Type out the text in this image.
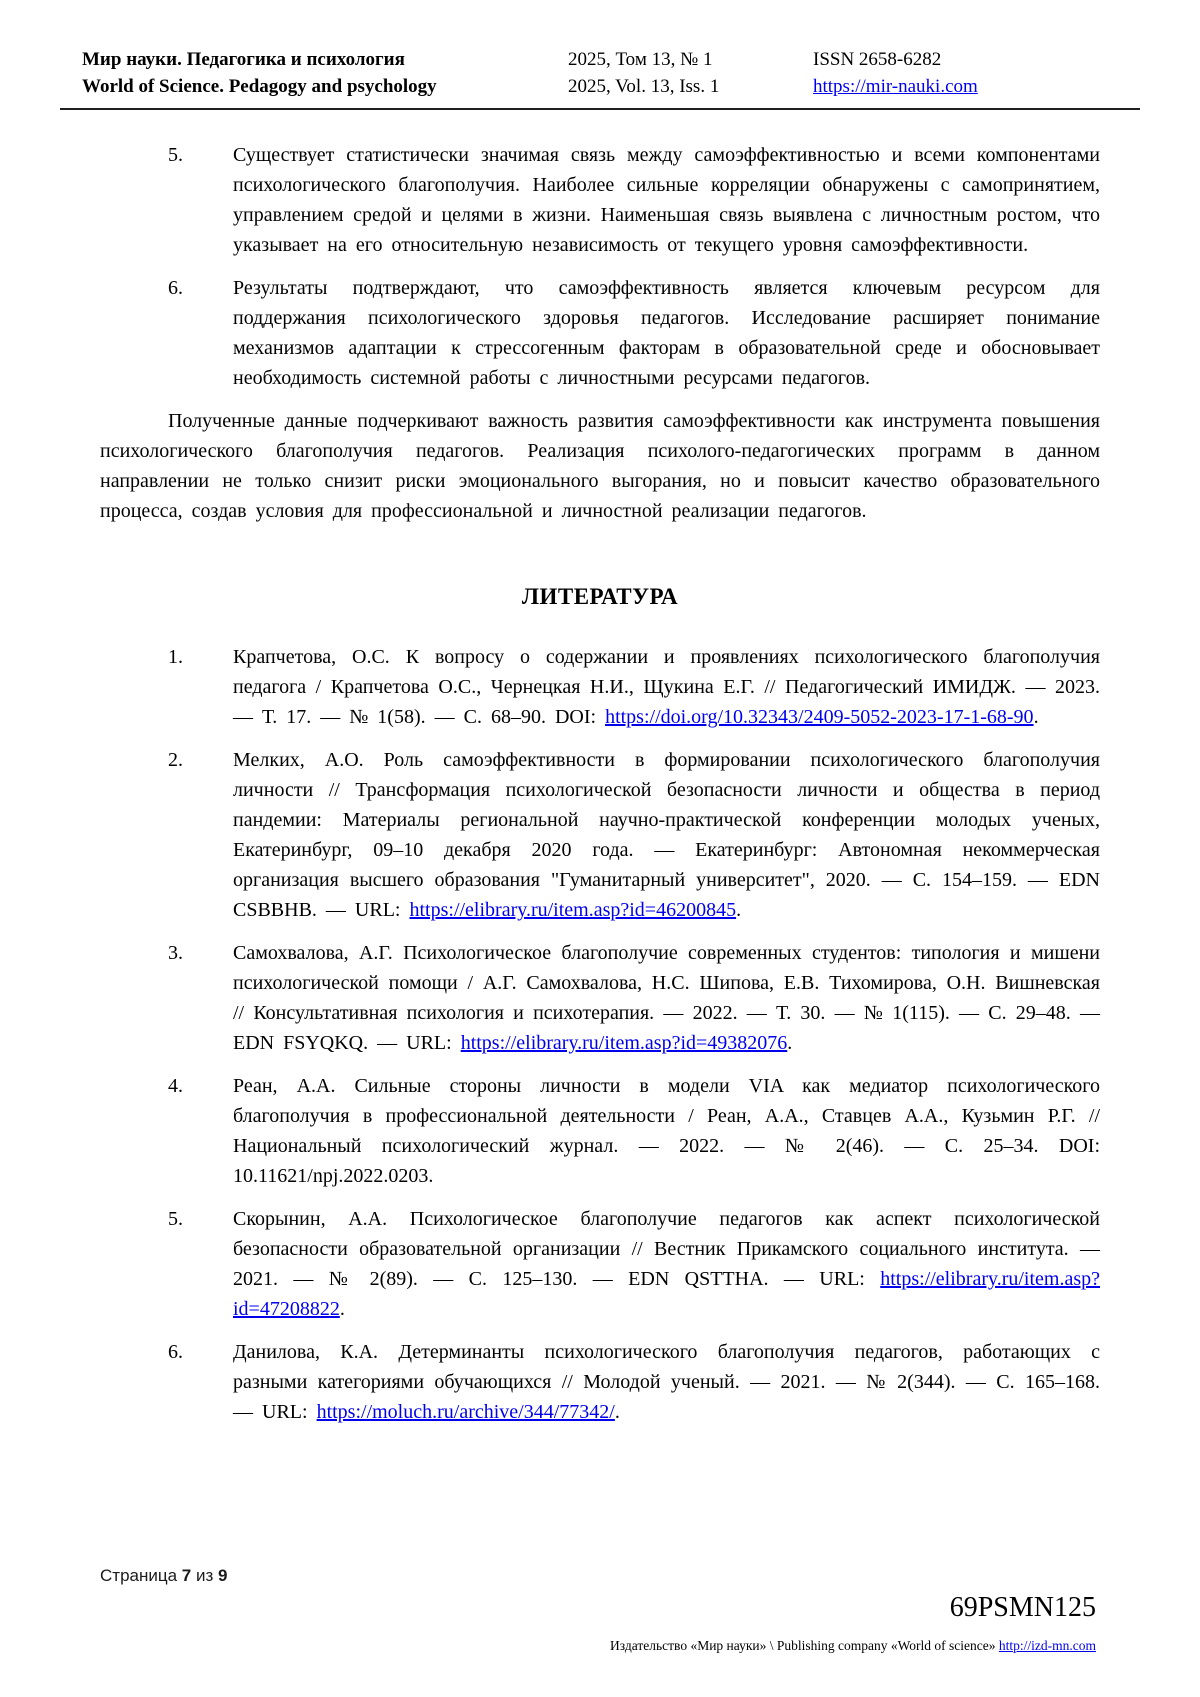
Мир науки. Педагогика и психология
World of Science. Pedagogy and psychology
2025, Том 13, № 1
2025, Vol. 13, Iss. 1
ISSN 2658-6282
https://mir-nauki.com
5.	Существует статистически значимая связь между самоэффективностью и всеми компонентами психологического благополучия. Наиболее сильные корреляции обнаружены с самопринятием, управлением средой и целями в жизни. Наименьшая связь выявлена с личностным ростом, что указывает на его относительную независимость от текущего уровня самоэффективности.
6.	Результаты подтверждают, что самоэффективность является ключевым ресурсом для поддержания психологического здоровья педагогов. Исследование расширяет понимание механизмов адаптации к стрессогенным факторам в образовательной среде и обосновывает необходимость системной работы с личностными ресурсами педагогов.

Полученные данные подчеркивают важность развития самоэффективности как инструмента повышения психологического благополучия педагогов. Реализация психолого-педагогических программ в данном направлении не только снизит риски эмоционального выгорания, но и повысит качество образовательного процесса, создав условия для профессиональной и личностной реализации педагогов.

ЛИТЕРАТУРА
1.	Крапчетова, О.С. К вопросу о содержании и проявлениях психологического благополучия педагога / Крапчетова О.С., Чернецкая Н.И., Щукина Е.Г. // Педагогический ИМИДЖ. — 2023. — Т. 17. — № 1(58). — С. 68–90. DOI: https://doi.org/10.32343/2409-5052-2023-17-1-68-90.
2.	Мелких, А.О. Роль самоэффективности в формировании психологического благополучия личности // Трансформация психологической безопасности личности и общества в период пандемии: Материалы региональной научно-практической конференции молодых ученых, Екатеринбург, 09–10 декабря 2020 года. — Екатеринбург: Автономная некоммерческая организация высшего образования "Гуманитарный университет", 2020. — С. 154–159. — EDN CSBBHB. — URL: https://elibrary.ru/item.asp?id=46200845.
3.	Самохвалова, А.Г. Психологическое благополучие современных студентов: типология и мишени психологической помощи / А.Г. Самохвалова, Н.С. Шипова, Е.В. Тихомирова, О.Н. Вишневская // Консультативная психология и психотерапия. — 2022. — Т. 30. — № 1(115). — С. 29–48. — EDN FSYQKQ. — URL: https://elibrary.ru/item.asp?id=49382076.
4.	Реан, А.А. Сильные стороны личности в модели VIA как медиатор психологического благополучия в профессиональной деятельности / Реан, А.А., Ставцев А.А., Кузьмин Р.Г. // Национальный психологический журнал. — 2022. — № 2(46). — С. 25–34. DOI: 10.11621/npj.2022.0203.
5.	Скорынин, А.А. Психологическое благополучие педагогов как аспект психологической безопасности образовательной организации // Вестник Прикамского социального института. — 2021. — № 2(89). — С. 125–130. — EDN QSTTHA. — URL: https://elibrary.ru/item.asp?id=47208822.
6.	Данилова, К.А. Детерминанты психологического благополучия педагогов, работающих с разными категориями обучающихся // Молодой ученый. — 2021. — № 2(344). — С. 165–168. — URL: https://moluch.ru/archive/344/77342/.
Страница 7 из 9
69PSMN125
Издательство «Мир науки» \ Publishing company «World of science» http://izd-mn.com
